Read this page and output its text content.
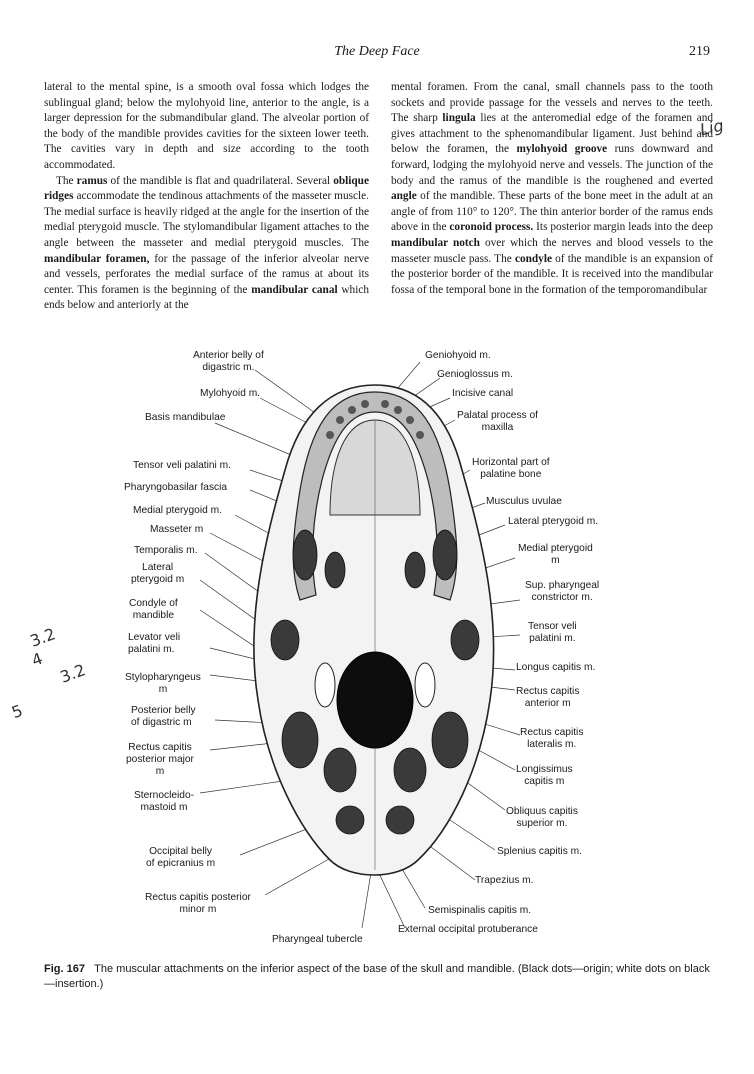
The Deep Face	219

lateral to the mental spine, is a smooth oval fossa which lodges the sublingual gland; below the mylohyoid line, anterior to the angle, is a larger depression for the submandibular gland. The alveolar portion of the body of the mandible provides cavities for the sixteen lower teeth. The cavities vary in depth and size according to the tooth accommodated.

The ramus of the mandible is flat and quadrilateral. Several oblique ridges accommodate the tendinous attachments of the masseter muscle. The medial surface is heavily ridged at the angle for the insertion of the medial pterygoid muscle. The stylomandibular ligament attaches to the angle between the masseter and medial pterygoid muscles. The mandibular foramen, for the passage of the inferior alveolar nerve and vessels, perforates the medial surface of the ramus at about its center. This foramen is the beginning of the mandibular canal which ends below and anteriorly at the

mental foramen. From the canal, small channels pass to the tooth sockets and provide passage for the vessels and nerves to the teeth. The sharp lingula lies at the anteromedial edge of the foramen and gives attachment to the sphenomandibular ligament. Just behind and below the foramen, the mylohyoid groove runs downward and forward, lodging the mylohyoid nerve and vessels. The junction of the body and the ramus of the mandible is the roughened and everted angle of the mandible. These parts of the bone meet in the adult at an angle of from 110° to 120°. The thin anterior border of the ramus ends above in the coronoid process. Its posterior margin leads into the deep mandibular notch over which the nerves and blood vessels to the masseter muscle pass. The condyle of the mandible is an expansion of the posterior border of the mandible. It is received into the mandibular fossa of the temporal bone in the formation of the temporomandibular

Anterior belly of
digastric m.
Mylohyoid m.
Basis mandibulae
Tensor veli palatini m.
Pharyngobasilar fascia
Medial pterygoid m.
Masseter m
Temporalis m.
Lateral
pterygoid m
Condyle of
mandible
Levator veli
palatini m.
Stylopharyngeus
m
Posterior belly
of digastric m
Rectus capitis
posterior major
m
Sternocleido-
mastoid m
Occipital belly
of epicranius m
Rectus capitis posterior
minor m
Pharyngeal tubercle
Geniohyoid m.
Genioglossus m.
Incisive canal
Palatal process of
maxilla
Horizontal part of
palatine bone
Musculus uvulae
Lateral pterygoid m.
Medial pterygoid
m
Sup. pharyngeal
constrictor m.
Tensor veli
palatini m.
Longus capitis m.
Rectus capitis
anterior m
Rectus capitis
lateralis m.
Longissimus
capitis m
Obliquus capitis
superior m.
Splenius capitis m.
Trapezius m.
Semispinalis capitis m.
External occipital protuberance
Fig. 167 The muscular attachments on the inferior aspect of the base of the skull and mandible. (Black dots—origin; white dots on black—insertion.)
Lig
3.2
4
3.2
5
